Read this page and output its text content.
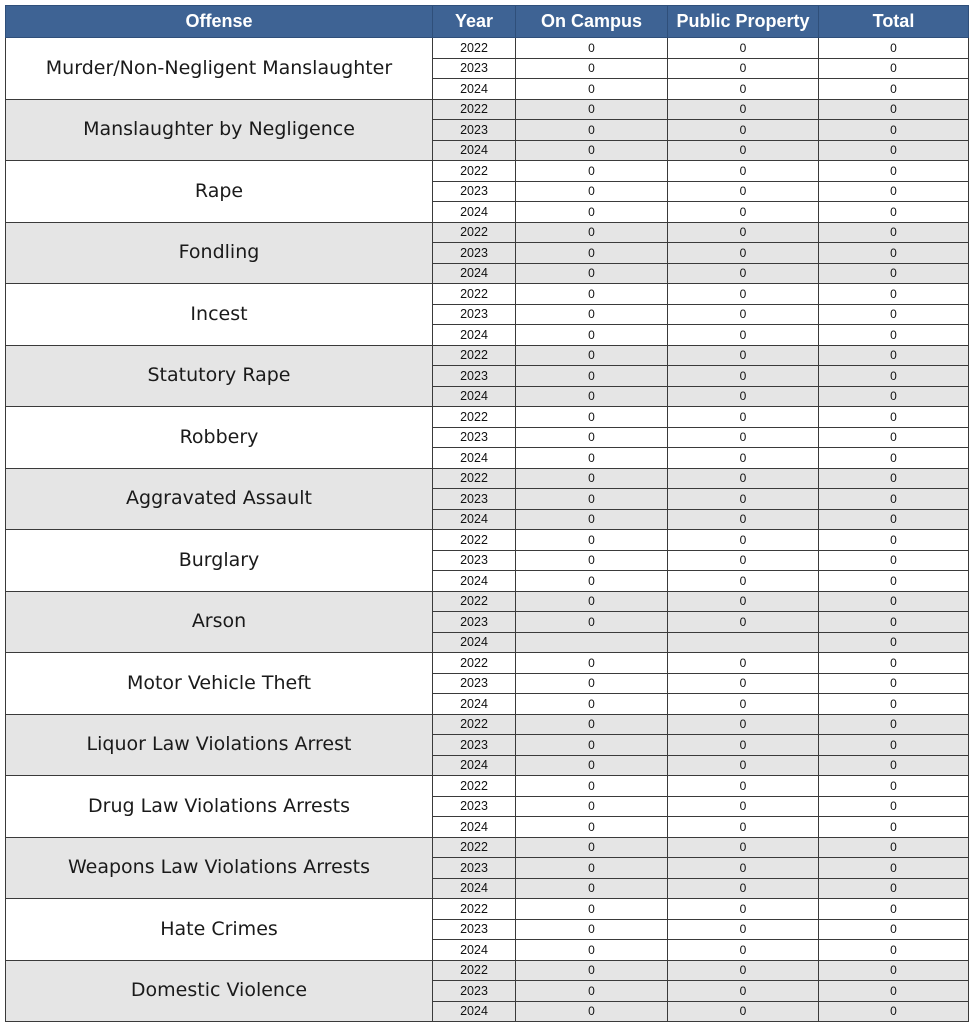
Offense	Year	On Campus	Public Property	Total
Murder/Non-Negligent Manslaughter	2022	0	0	0
	2023	0	0	0
	2024	0	0	0
Manslaughter by Negligence	2022	0	0	0
	2023	0	0	0
	2024	0	0	0
Rape	2022	0	0	0
	2023	0	0	0
	2024	0	0	0
Fondling	2022	0	0	0
	2023	0	0	0
	2024	0	0	0
Incest	2022	0	0	0
	2023	0	0	0
	2024	0	0	0
Statutory Rape	2022	0	0	0
	2023	0	0	0
	2024	0	0	0
Robbery	2022	0	0	0
	2023	0	0	0
	2024	0	0	0
Aggravated Assault	2022	0	0	0
	2023	0	0	0
	2024	0	0	0
Burglary	2022	0	0	0
	2023	0	0	0
	2024	0	0	0
Arson	2022	0	0	0
	2023	0	0	0
	2024			0
Motor Vehicle Theft	2022	0	0	0
	2023	0	0	0
	2024	0	0	0
Liquor Law Violations Arrest	2022	0	0	0
	2023	0	0	0
	2024	0	0	0
Drug Law Violations Arrests	2022	0	0	0
	2023	0	0	0
	2024	0	0	0
Weapons Law Violations Arrests	2022	0	0	0
	2023	0	0	0
	2024	0	0	0
Hate Crimes	2022	0	0	0
	2023	0	0	0
	2024	0	0	0
Domestic Violence	2022	0	0	0
	2023	0	0	0
	2024	0	0	0
